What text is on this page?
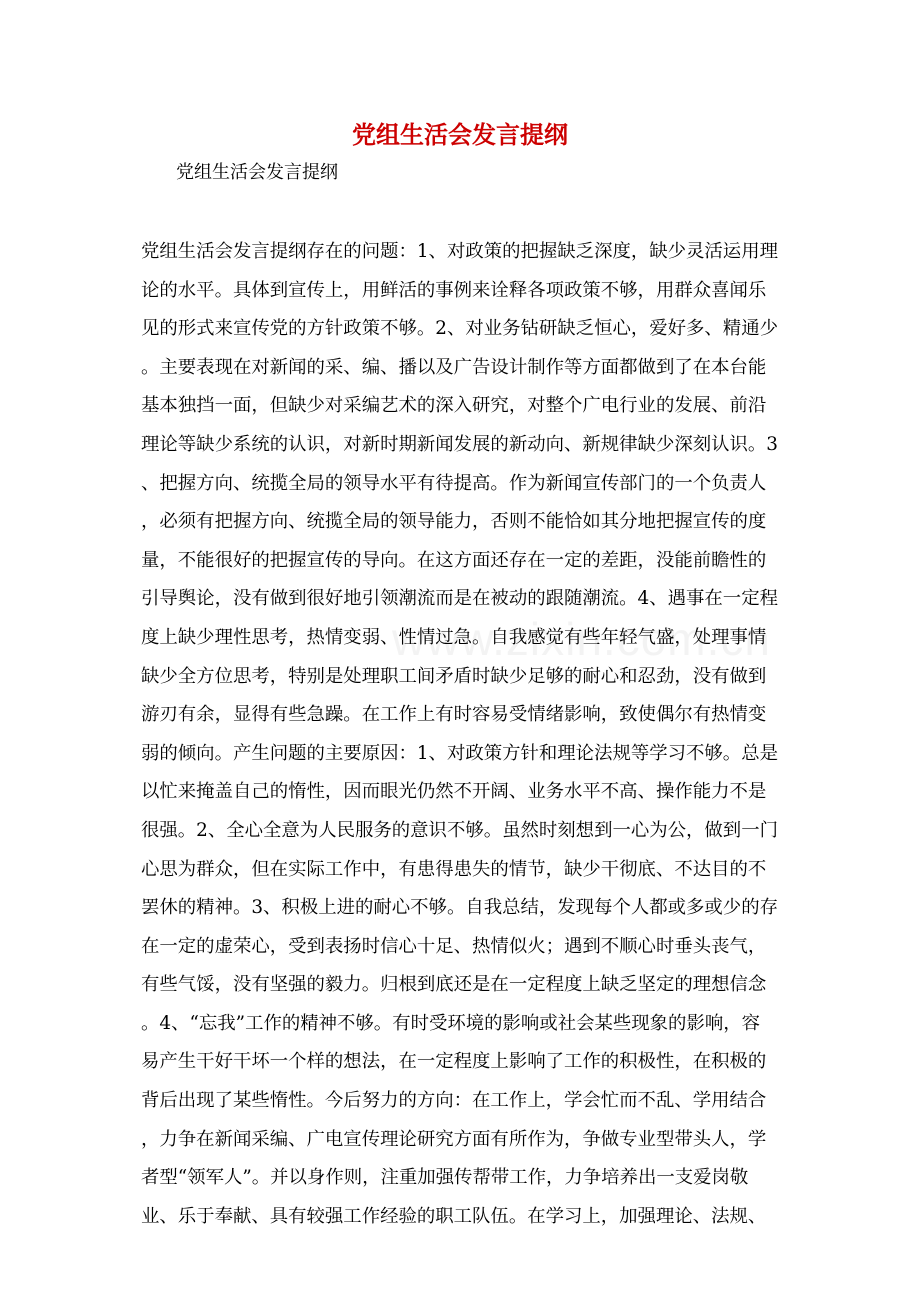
党组生活会发言提纲

党组生活会发言提纲

党组生活会发言提纲存在的问题：1、对政策的把握缺乏深度，缺少灵活运用理
论的水平。具体到宣传上，用鲜活的事例来诠释各项政策不够，用群众喜闻乐
见的形式来宣传党的方针政策不够。2、对业务钻研缺乏恒心，爱好多、精通少
。主要表现在对新闻的采、编、播以及广告设计制作等方面都做到了在本台能
基本独挡一面，但缺少对采编艺术的深入研究，对整个广电行业的发展、前沿
理论等缺少系统的认识，对新时期新闻发展的新动向、新规律缺少深刻认识。3
、把握方向、统揽全局的领导水平有待提高。作为新闻宣传部门的一个负责人
，必须有把握方向、统揽全局的领导能力，否则不能恰如其分地把握宣传的度
量，不能很好的把握宣传的导向。在这方面还存在一定的差距，没能前瞻性的
引导舆论，没有做到很好地引领潮流而是在被动的跟随潮流。4、遇事在一定程
度上缺少理性思考，热情变弱、性情过急。自我感觉有些年轻气盛，处理事情
缺少全方位思考，特别是处理职工间矛盾时缺少足够的耐心和忍劲，没有做到
游刃有余，显得有些急躁。在工作上有时容易受情绪影响，致使偶尔有热情变
弱的倾向。产生问题的主要原因：1、对政策方针和理论法规等学习不够。总是
以忙来掩盖自己的惰性，因而眼光仍然不开阔、业务水平不高、操作能力不是
很强。2、全心全意为人民服务的意识不够。虽然时刻想到一心为公，做到一门
心思为群众，但在实际工作中，有患得患失的情节，缺少干彻底、不达目的不
罢休的精神。3、积极上进的耐心不够。自我总结，发现每个人都或多或少的存
在一定的虚荣心，受到表扬时信心十足、热情似火；遇到不顺心时垂头丧气，
有些气馁，没有坚强的毅力。归根到底还是在一定程度上缺乏坚定的理想信念
。4、“忘我”工作的精神不够。有时受环境的影响或社会某些现象的影响，容
易产生干好干坏一个样的想法，在一定程度上影响了工作的积极性，在积极的
背后出现了某些惰性。今后努力的方向：在工作上，学会忙而不乱、学用结合
，力争在新闻采编、广电宣传理论研究方面有所作为，争做专业型带头人，学
者型“领军人”。并以身作则，注重加强传帮带工作，力争培养出一支爱岗敬
业、乐于奉献、具有较强工作经验的职工队伍。在学习上，加强理论、法规、
